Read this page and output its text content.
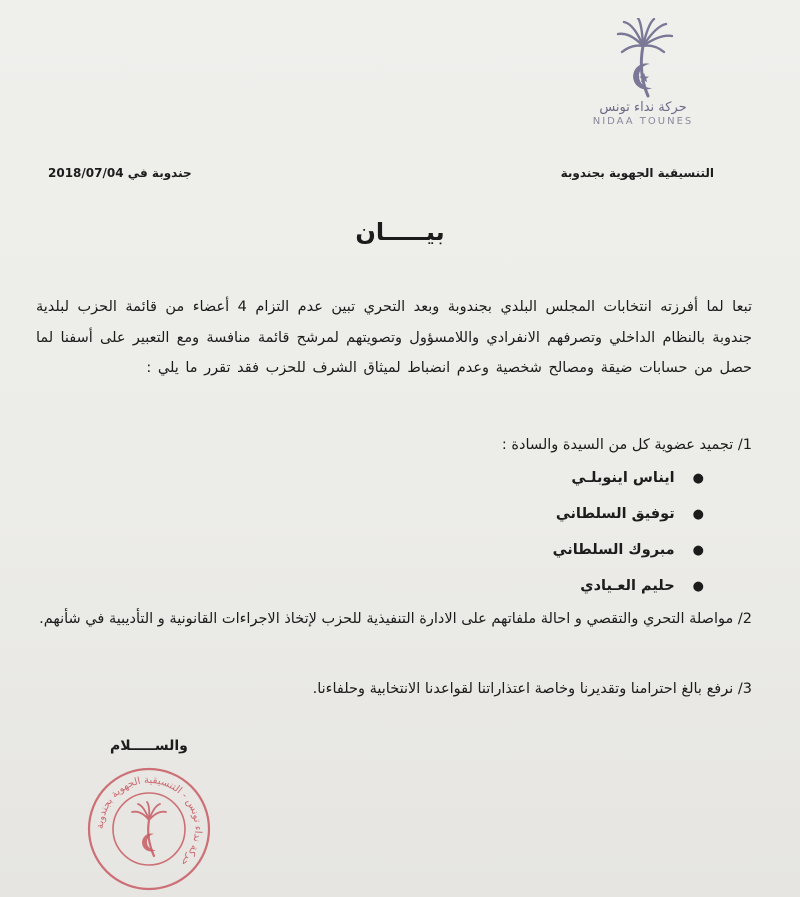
حركة نداء تونس
NIDAA TOUNES
التنسيقية الجهوية بجندوبة
جندوبة في 2018/07/04
بيـــــان
تبعا لما أفرزته انتخابات المجلس البلدي بجندوبة وبعد التحري تبين عدم التزام 4 أعضاء من قائمة الحزب لبلدية جندوبة بالنظام الداخلي وتصرفهم الانفرادي واللامسؤول وتصويتهم لمرشح قائمة منافسة ومع التعبير على أسفنا لما حصل من حسابات ضيقة ومصالح شخصية وعدم انضباط لميثاق الشرف للحزب فقد تقرر ما يلي :
1/ تجميد عضوية كل من السيدة والسادة :
●ايناس اينوبلـي
●توفيق السلطاني
●مبروك السلطاني
●حليم العـيادي
2/ مواصلة التحري والتقصي و احالة ملفاتهم على الادارة التنفيذية للحزب لإتخاذ الاجراءات القانونية و التأديبية في شأنهم.
3/ نرفع بالغ احترامنا وتقديرنا وخاصة اعتذاراتنا لقواعدنا الانتخابية وحلفاءنا.
والســـــلام
حركة نداء تونس - التنسيقية الجهوية بجندوبة
